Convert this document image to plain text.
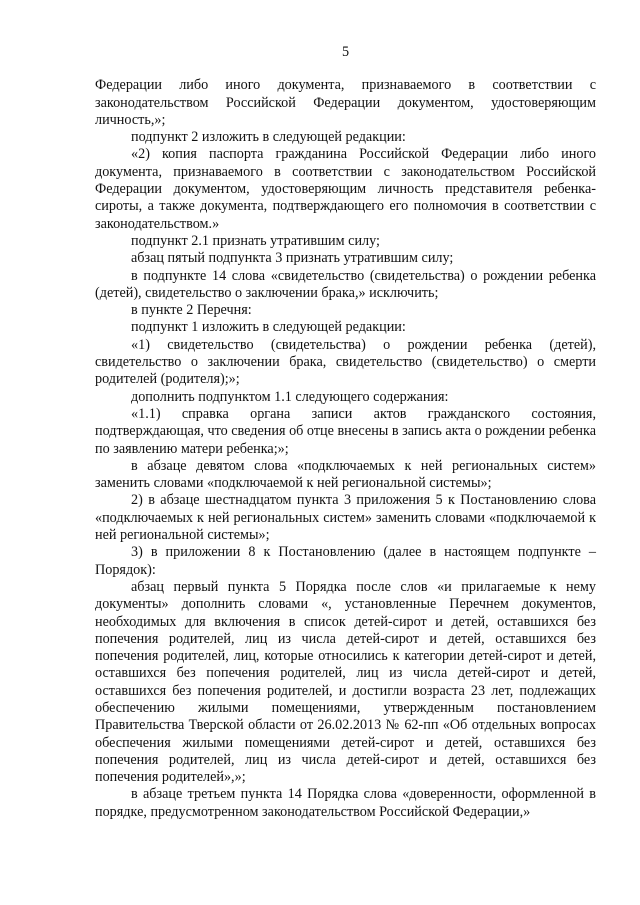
5

Федерации либо иного документа, признаваемого в соответствии с законодательством Российской Федерации документом, удостоверяющим личность,»;

подпункт 2 изложить в следующей редакции:

«2) копия паспорта гражданина Российской Федерации либо иного документа, признаваемого в соответствии с законодательством Российской Федерации документом, удостоверяющим личность представителя ребенка-сироты, а также документа, подтверждающего его полномочия в соответствии с законодательством.»

подпункт 2.1 признать утратившим силу;

абзац пятый подпункта 3 признать утратившим силу;

в подпункте 14 слова «свидетельство (свидетельства) о рождении ребенка (детей), свидетельство о заключении брака,» исключить;

в пункте 2 Перечня:

подпункт 1 изложить в следующей редакции:

«1) свидетельство (свидетельства) о рождении ребенка (детей), свидетельство о заключении брака, свидетельство (свидетельство) о смерти родителей (родителя);»;

дополнить подпунктом 1.1 следующего содержания:

«1.1) справка органа записи актов гражданского состояния, подтверждающая, что сведения об отце внесены в запись акта о рождении ребенка по заявлению матери ребенка;»;

в абзаце девятом слова «подключаемых к ней региональных систем» заменить словами «подключаемой к ней региональной системы»;

2) в абзаце шестнадцатом пункта 3 приложения 5 к Постановлению слова «подключаемых к ней региональных систем» заменить словами «подключаемой к ней региональной системы»;

3) в приложении 8 к Постановлению (далее в настоящем подпункте – Порядок):

абзац первый пункта 5 Порядка после слов «и прилагаемые к нему документы» дополнить словами «, установленные Перечнем документов, необходимых для включения в список детей-сирот и детей, оставшихся без попечения родителей, лиц из числа детей-сирот и детей, оставшихся без попечения родителей, лиц, которые относились к категории детей-сирот и детей, оставшихся без попечения родителей, лиц из числа детей-сирот и детей, оставшихся без попечения родителей, и достигли возраста 23 лет, подлежащих обеспечению жилыми помещениями, утвержденным постановлением Правительства Тверской области от 26.02.2013 № 62-пп «Об отдельных вопросах обеспечения жилыми помещениями детей-сирот и детей, оставшихся без попечения родителей, лиц из числа детей-сирот и детей, оставшихся без попечения родителей»,»;

в абзаце третьем пункта 14 Порядка слова «доверенности, оформленной в порядке, предусмотренном законодательством Российской Федерации,»
